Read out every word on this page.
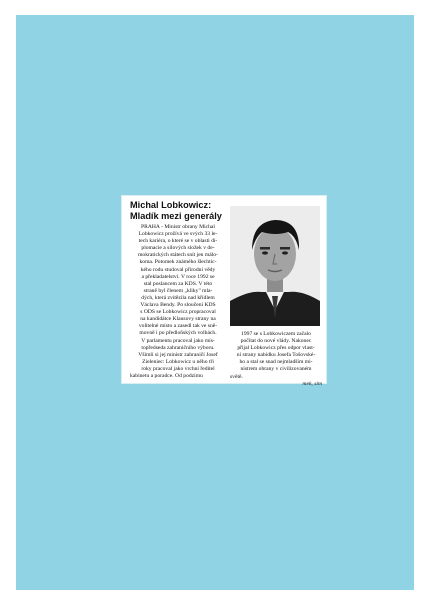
Michal Lobkowicz:
Mladík mezi generály
PRAHA - Ministr obrany Michal
Lobkowicz prožívá ve svých 33 le-
tech kariéra, o které se v oblasti di-
plomacie a silových složek v de-
mokratických státech snít jen málo-
koma. Potomek známého šlechtic-
kého rodu studoval přírodní vědy
a překladatelství. V roce 1992 se
stal poslancem za KDS. V této
straně byl členem „kliky" mla-
dých, která zvítězila nad křídlem
Václava Bendy. Po sloučení KDS
s ODS se Lobkowicz propracoval
na kandidátce Klausovy strany na
volitelné místo a zasedl tak ve sně-
movně i po předloňských volbách.
V parlamentu pracoval jako mís-
topředseda zahraničního výboru.
Všimli si jej ministr zahraničí Josef
Zieleniec: Lobkowicz u něho tři
roky pracoval jako vrchní ředitel
kabinetu a poradce. Od podzimu
1997 se s Lobkowiczem začalo
počítat do nové vlády. Nakonec
přijal Lobkowicz přes odpor vlast-
ní strany nabídku Josefa Tošovské-
ho a stal se snad nejmladším mi-
nistrem obrany v civilizovaném
světě.
mek, sim
